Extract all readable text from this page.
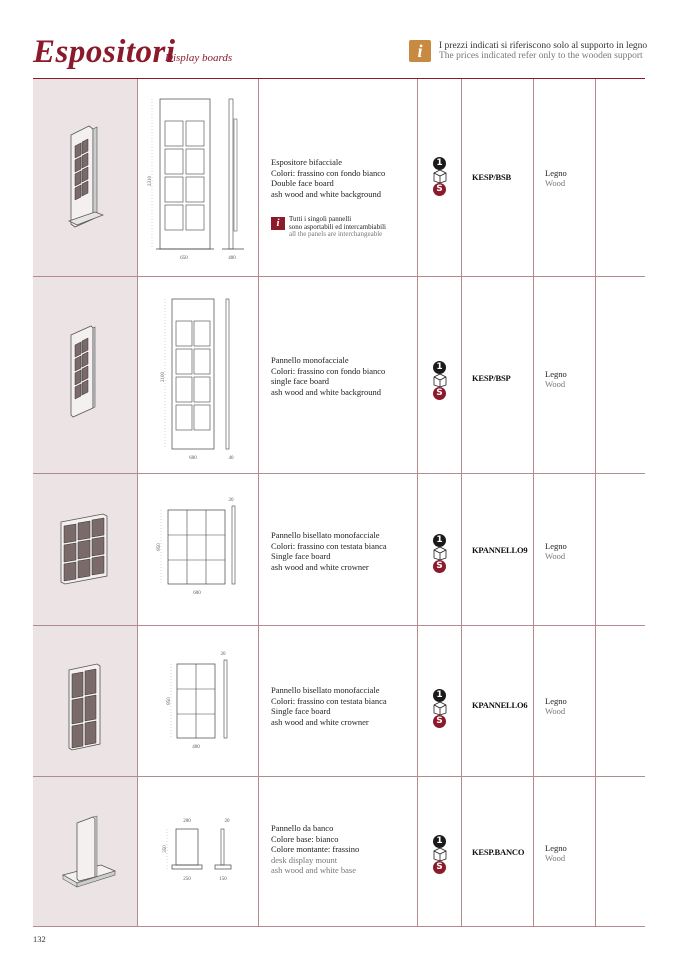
Espositori
Display boards	i	I prezzi indicati si riferiscono solo al supporto in legno
The prices indicated refer only to the wooden support
2310
650	400
Espositore bifacciale
Colori: frassino con fondo bianco
Double face board
ash wood and white background
i	Tutti i singoli pannelli
sono asportabili ed intercambiabili
all the panels are interchangeable
1
S
KESP/BSB	Legno
Wood
2100
600	40
Pannello monofacciale
Colori: frassino con fondo bianco
single face board
ash wood and white background
1
S
KESP/BSP	Legno
Wood
850
600
20
Pannello bisellato monofacciale
Colori: frassino con testata bianca
Single face board
ash wood and white crowner
1
S
KPANNELLO9 Legno
Wood
850
400
20
Pannello bisellato monofacciale
Colori: frassino con testata bianca
Single face board
ash wood and white crowner
1
S
KPANNELLO6 Legno
Wood
350
200	20
250	150
Pannello da banco
Colore base: bianco
Colore montante: frassino
desk display mount
ash wood and white base
1
S
KESP.BANCO Legno
Wood
132
